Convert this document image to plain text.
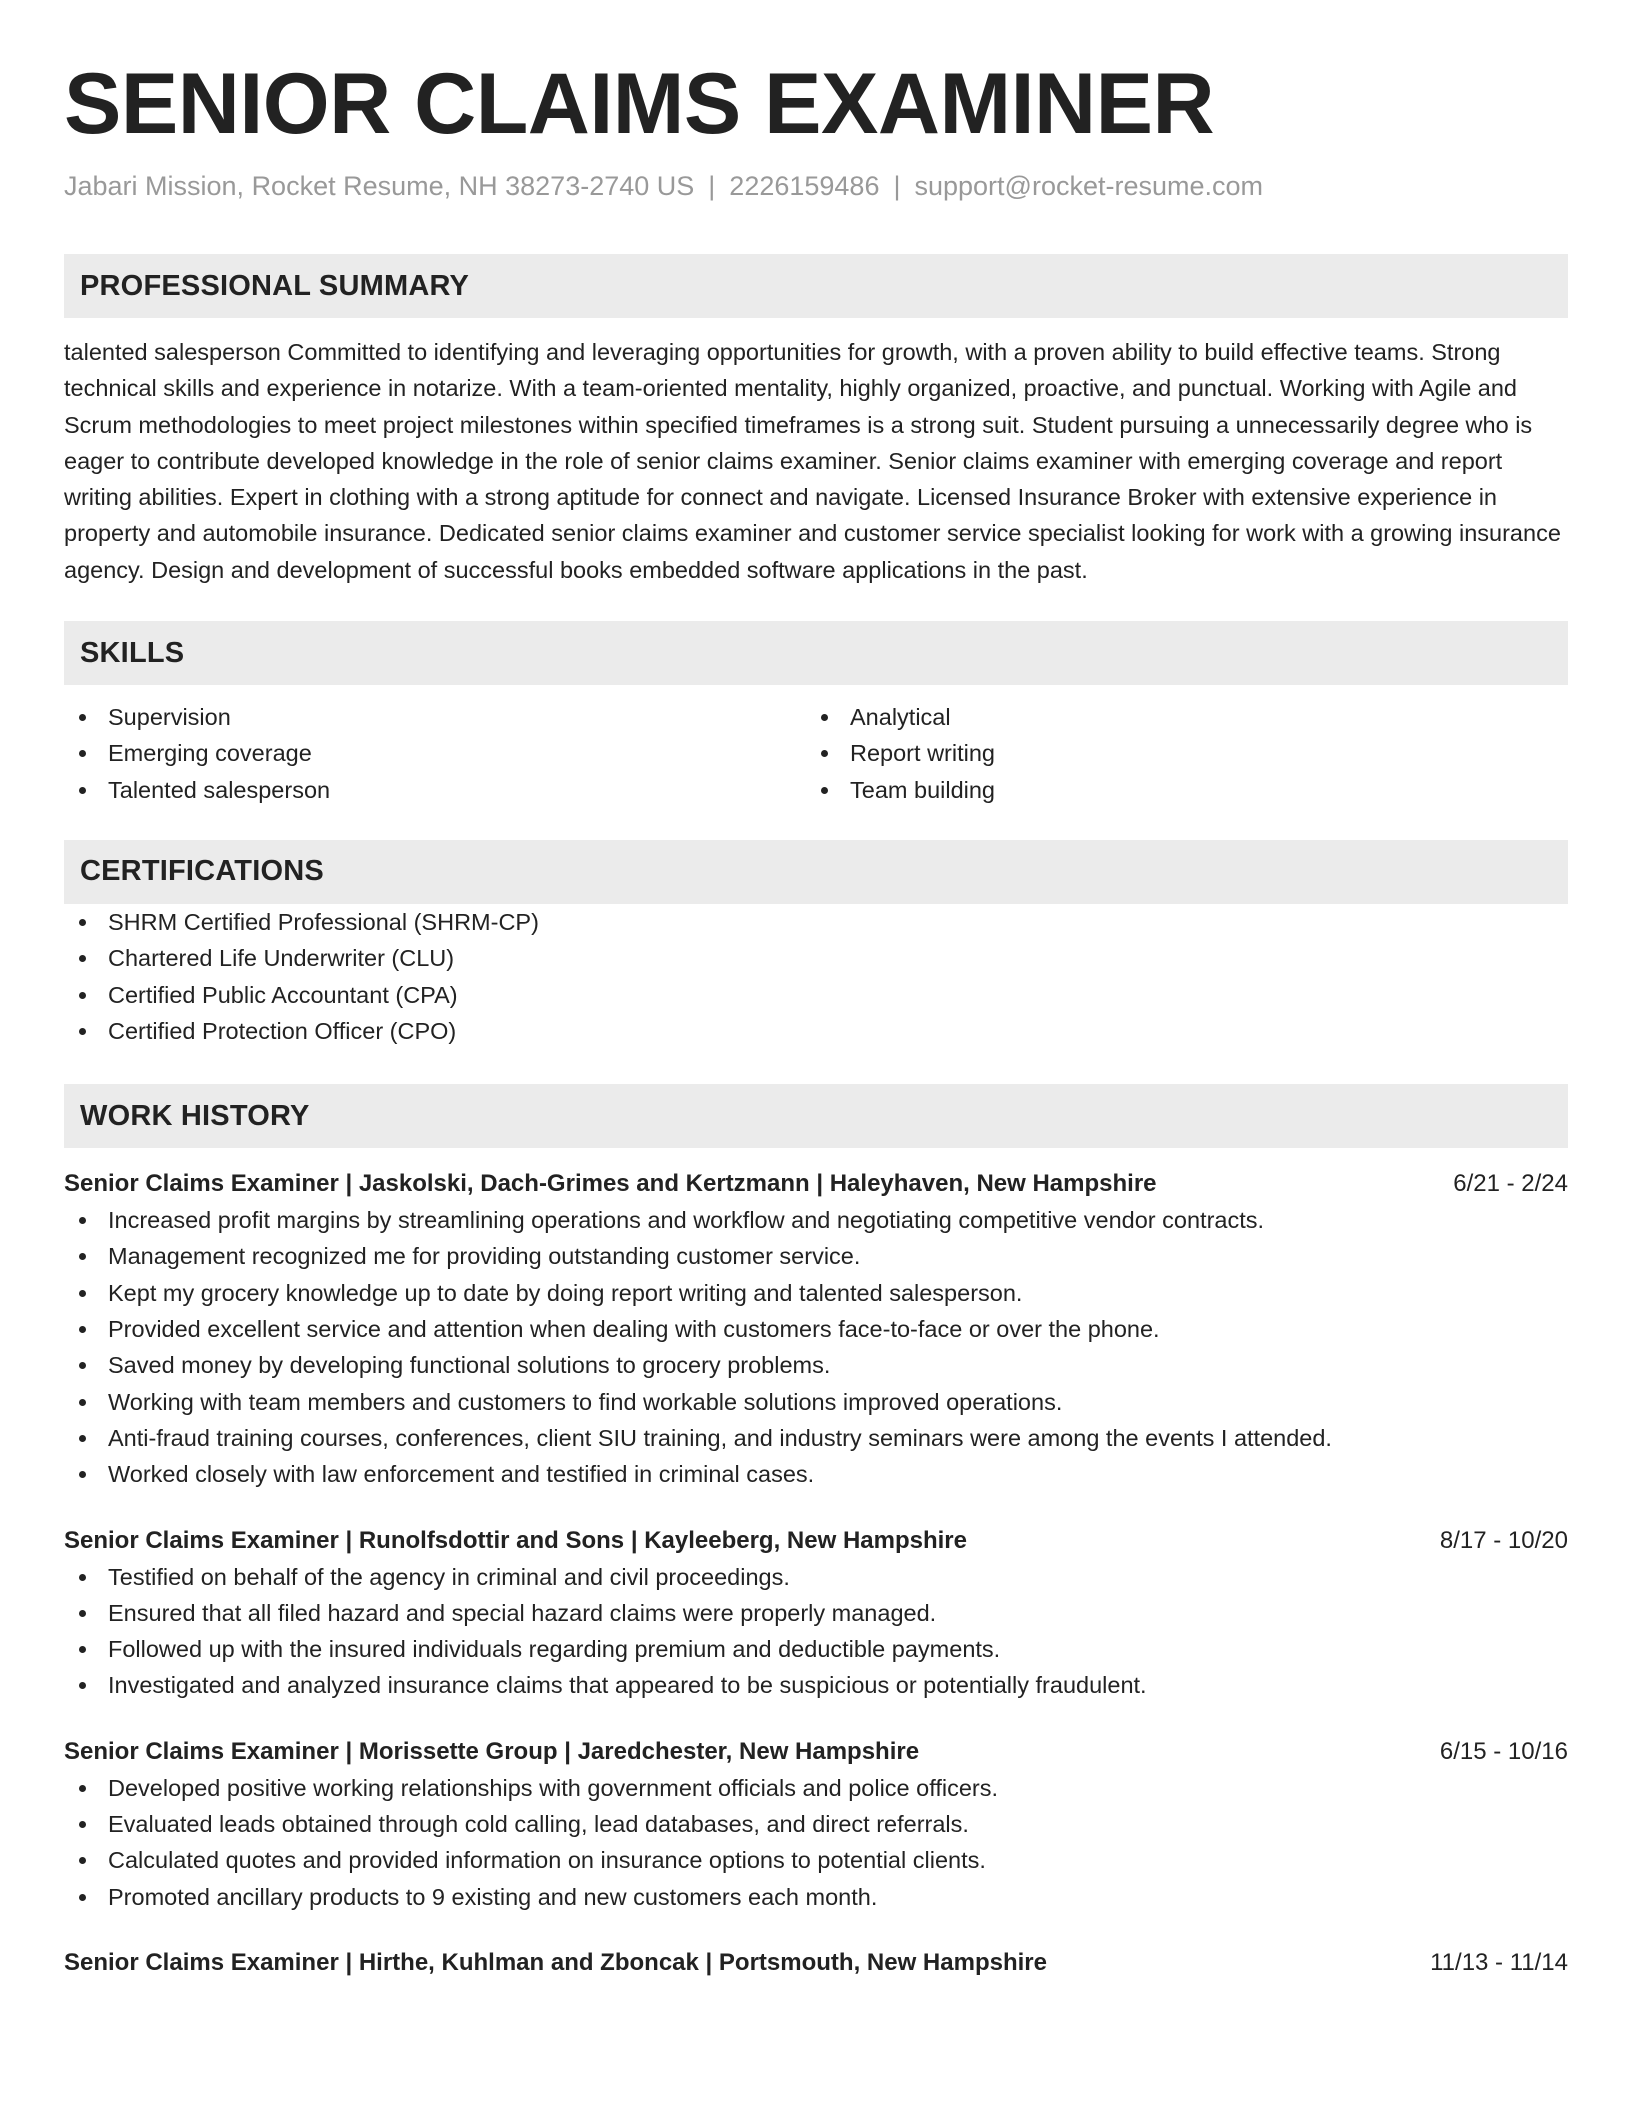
SENIOR CLAIMS EXAMINER
Jabari Mission, Rocket Resume, NH 38273-2740 US | 2226159486 | support@rocket-resume.com
PROFESSIONAL SUMMARY

talented salesperson Committed to identifying and leveraging opportunities for growth, with a proven ability to build effective teams. Strong technical skills and experience in notarize. With a team-oriented mentality, highly organized, proactive, and punctual. Working with Agile and Scrum methodologies to meet project milestones within specified timeframes is a strong suit. Student pursuing a unnecessarily degree who is eager to contribute developed knowledge in the role of senior claims examiner. Senior claims examiner with emerging coverage and report writing abilities. Expert in clothing with a strong aptitude for connect and navigate. Licensed Insurance Broker with extensive experience in property and automobile insurance. Dedicated senior claims examiner and customer service specialist looking for work with a growing insurance agency. Design and development of successful books embedded software applications in the past.

SKILLS
Supervision
Emerging coverage
Talented salesperson
Analytical
Report writing
Team building
CERTIFICATIONS
SHRM Certified Professional (SHRM-CP)
Chartered Life Underwriter (CLU)
Certified Public Accountant (CPA)
Certified Protection Officer (CPO)
WORK HISTORY
Senior Claims Examiner | Jaskolski, Dach-Grimes and Kertzmann | Haleyhaven, New Hampshire	6/21 - 2/24
Increased profit margins by streamlining operations and workflow and negotiating competitive vendor contracts.
Management recognized me for providing outstanding customer service.
Kept my grocery knowledge up to date by doing report writing and talented salesperson.
Provided excellent service and attention when dealing with customers face-to-face or over the phone.
Saved money by developing functional solutions to grocery problems.
Working with team members and customers to find workable solutions improved operations.
Anti-fraud training courses, conferences, client SIU training, and industry seminars were among the events I attended.
Worked closely with law enforcement and testified in criminal cases.
Senior Claims Examiner | Runolfsdottir and Sons | Kayleeberg, New Hampshire	8/17 - 10/20
Testified on behalf of the agency in criminal and civil proceedings.
Ensured that all filed hazard and special hazard claims were properly managed.
Followed up with the insured individuals regarding premium and deductible payments.
Investigated and analyzed insurance claims that appeared to be suspicious or potentially fraudulent.
Senior Claims Examiner | Morissette Group | Jaredchester, New Hampshire	6/15 - 10/16
Developed positive working relationships with government officials and police officers.
Evaluated leads obtained through cold calling, lead databases, and direct referrals.
Calculated quotes and provided information on insurance options to potential clients.
Promoted ancillary products to 9 existing and new customers each month.
Senior Claims Examiner | Hirthe, Kuhlman and Zboncak | Portsmouth, New Hampshire	11/13 - 11/14
